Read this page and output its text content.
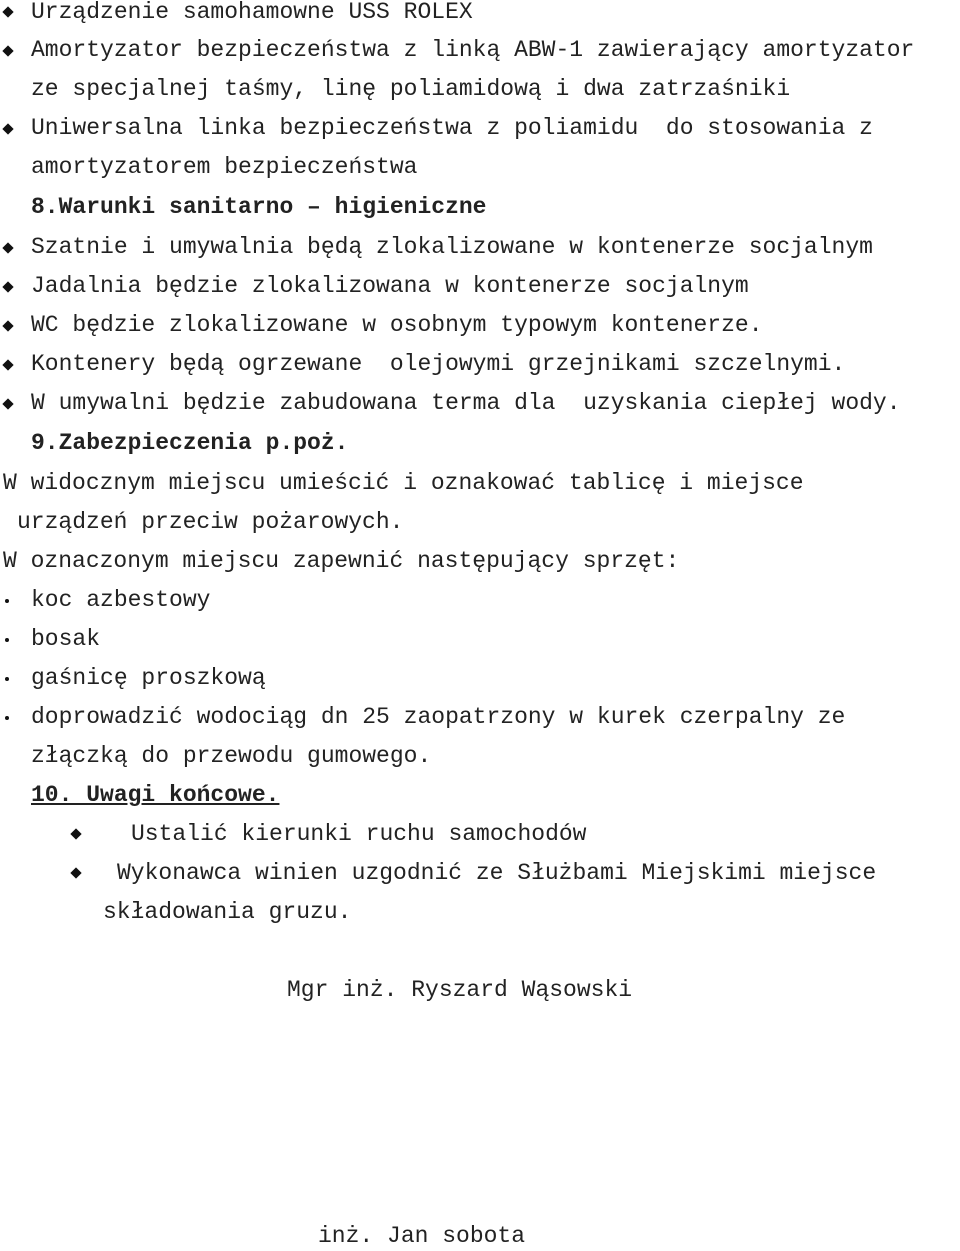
Urządzenie samohamowne USS ROLEX
Amortyzator bezpieczeństwa z linką ABW-1 zawierający amortyzator
ze specjalnej taśmy, linę poliamidową i dwa zatrzaśniki
Uniwersalna linka bezpieczeństwa z poliamidu  do stosowania z
amortyzatorem bezpieczeństwa
8.Warunki sanitarno – higieniczne
Szatnie i umywalnia będą zlokalizowane w kontenerze socjalnym
Jadalnia będzie zlokalizowana w kontenerze socjalnym
WC będzie zlokalizowane w osobnym typowym kontenerze.
Kontenery będą ogrzewane  olejowymi grzejnikami szczelnymi.
W umywalni będzie zabudowana terma dla  uzyskania ciepłej wody.
9.Zabezpieczenia p.poż.
W widocznym miejscu umieścić i oznakować tablicę i miejsce
urządzeń przeciw pożarowych.
W oznaczonym miejscu zapewnić następujący sprzęt:
koc azbestowy
bosak
gaśnicę proszkową
doprowadzić wodociąg dn 25 zaopatrzony w kurek czerpalny ze
złączką do przewodu gumowego.
10. Uwagi końcowe.
Ustalić kierunki ruchu samochodów
Wykonawca winien uzgodnić ze Służbami Miejskimi miejsce
składowania gruzu.
Mgr inż. Ryszard Wąsowski
inż. Jan sobota
